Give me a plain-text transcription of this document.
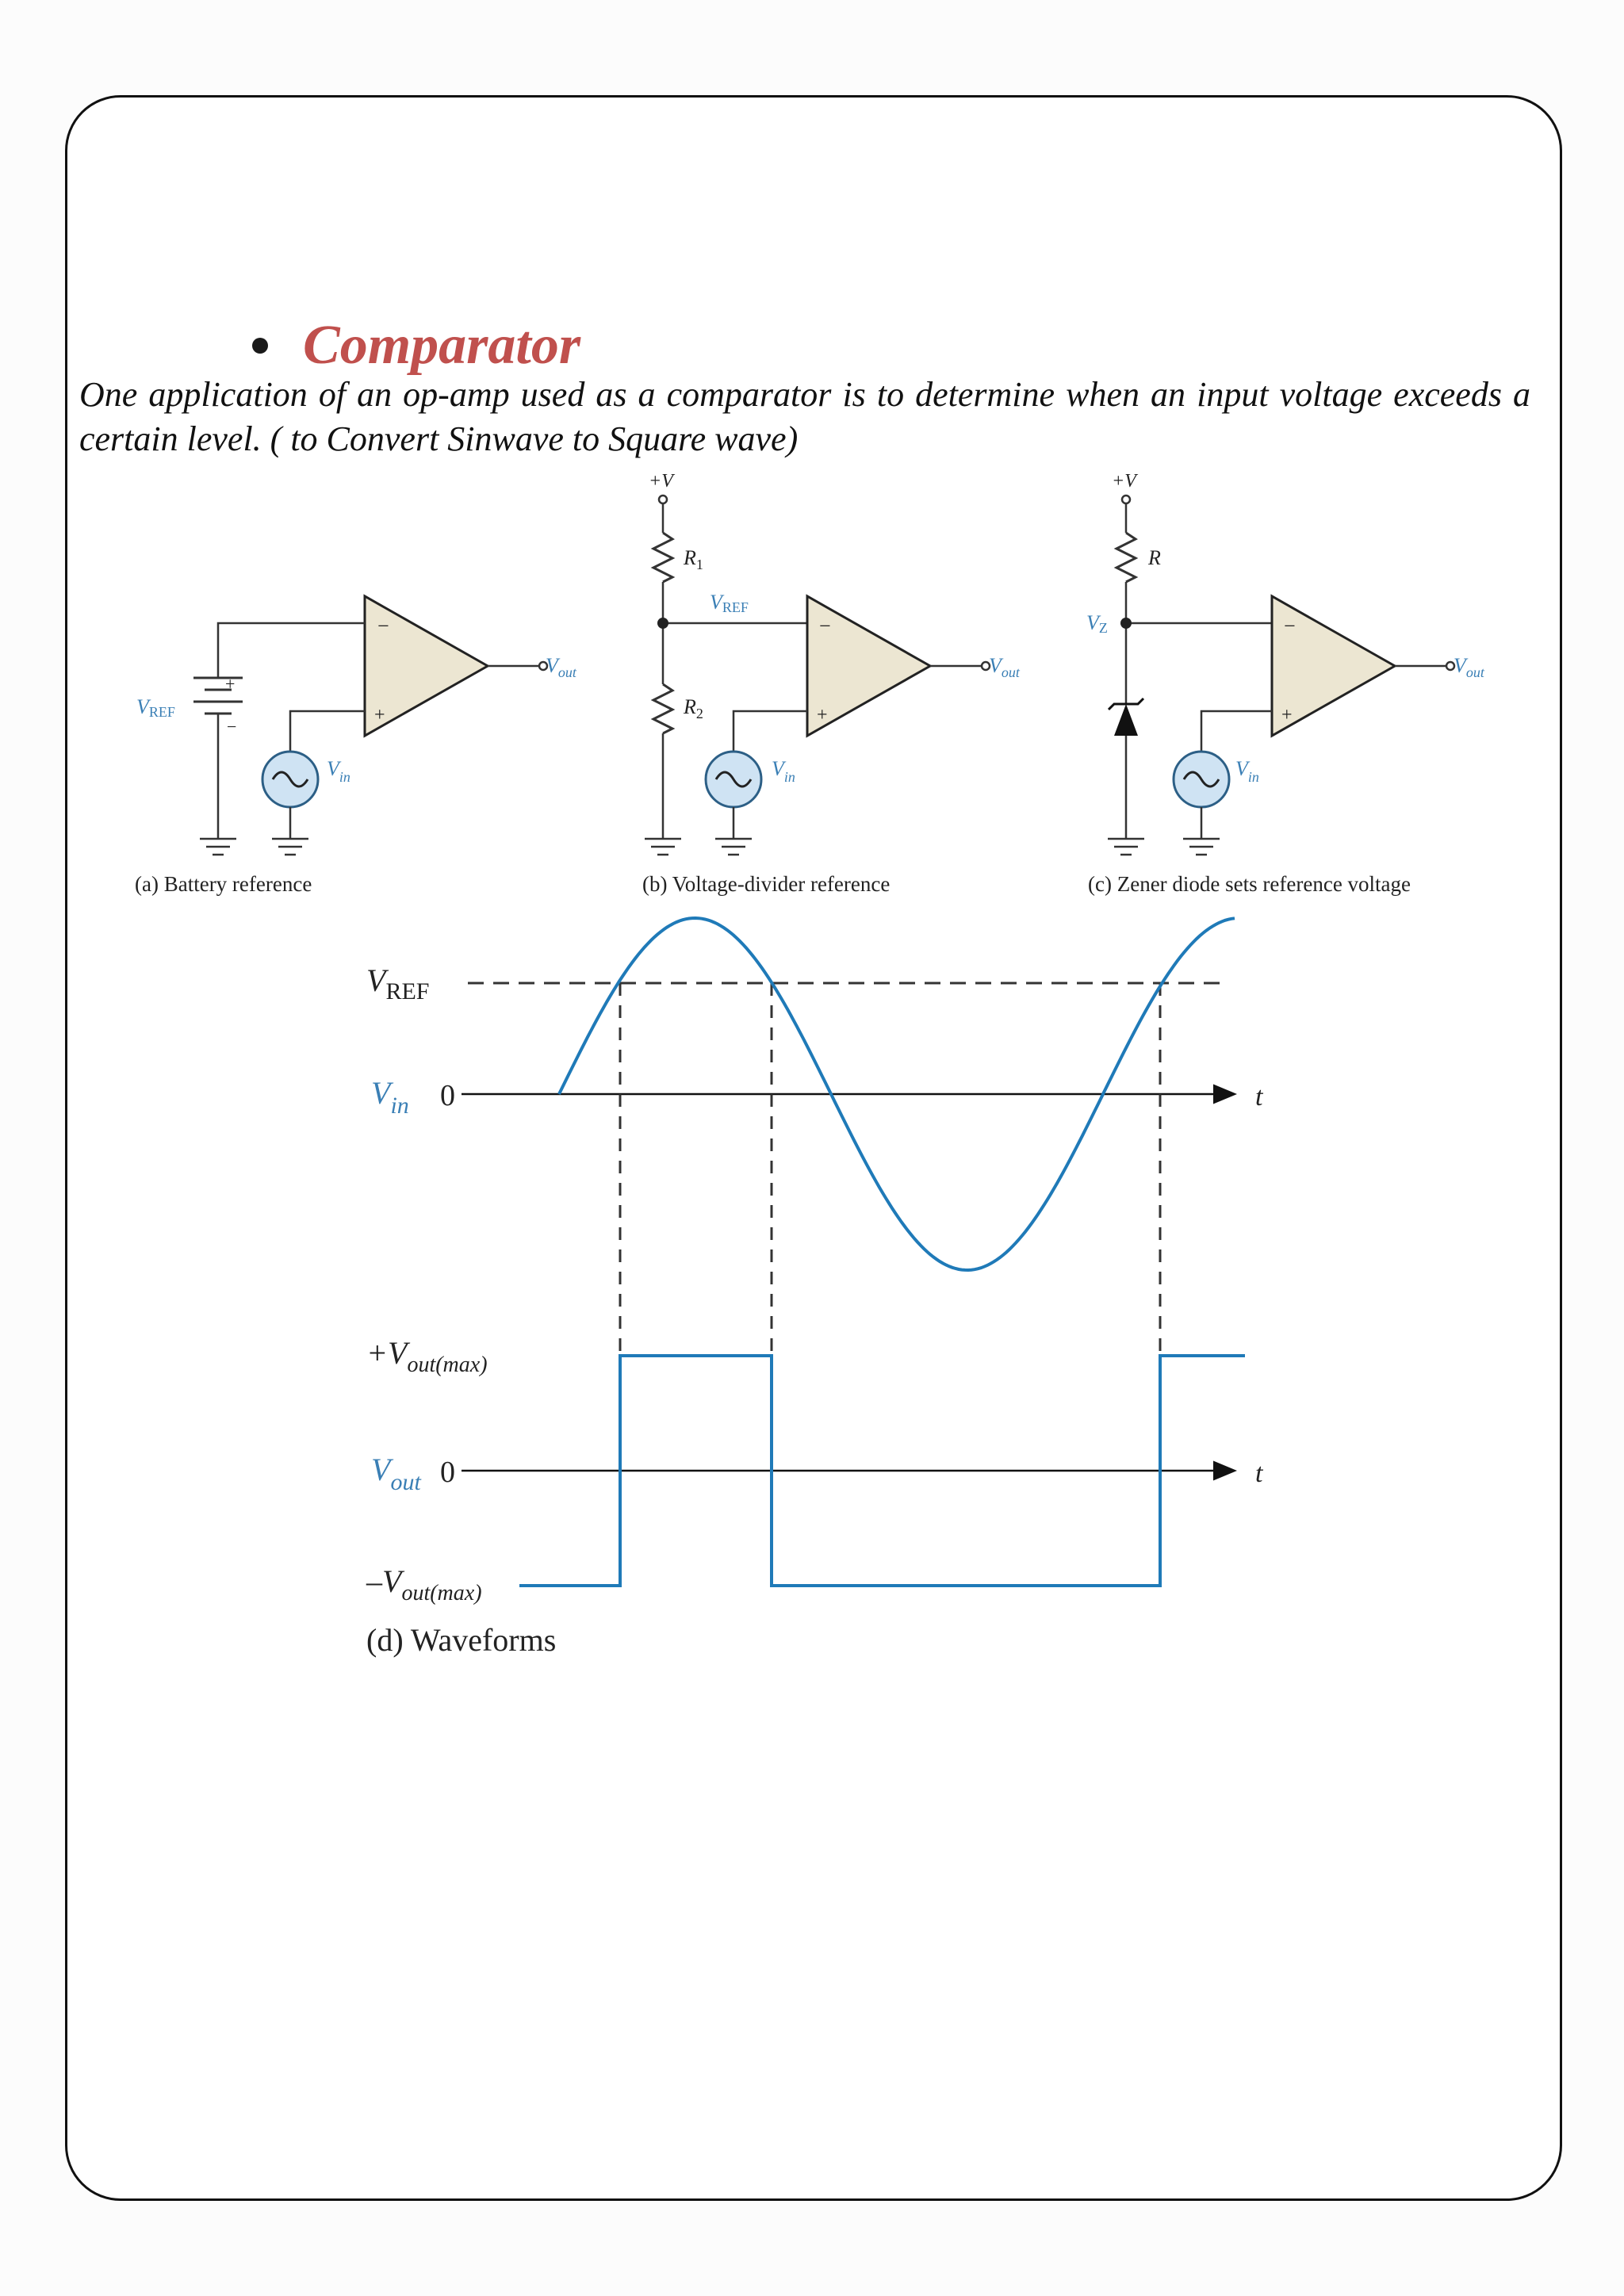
Comparator
One application of an op-amp used as a comparator is to determine when an input voltage exceeds a certain level. ( to Convert Sinwave to Square wave)
−
+
+
−
VREF
$V_{in}$
$V_{out}$
(a) Battery reference
−
+
+V
$R_1$
$R_2$
VREF
$V_{in}$
$V_{out}$
(b) Voltage-divider reference
−
+
+V
R
VZ
$V_{in}$
$V_{out}$
(c) Zener diode sets reference voltage
$V_{REF}$
$V_{in}$ 0	t
$+V_{out(max)}$
$V_{out}$ 0	t
$-V_{out(max)}$
(d) Waveforms
